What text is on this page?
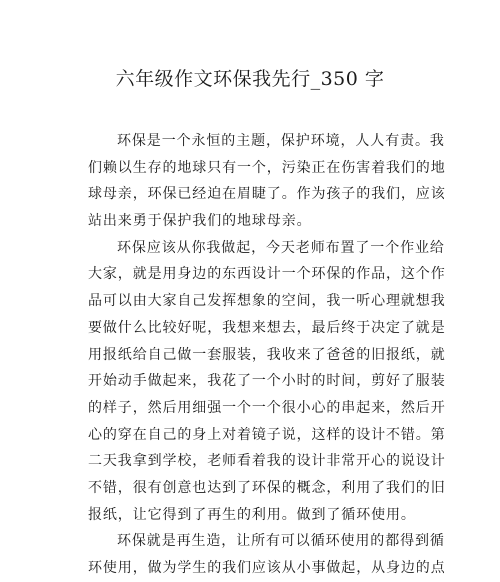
六年级作文环保我先行_350 字
环保是一个永恒的主题，保护环境，人人有责。我
们赖以生存的地球只有一个，污染正在伤害着我们的地
球母亲，环保已经迫在眉睫了。作为孩子的我们，应该
站出来勇于保护我们的地球母亲。
环保应该从你我做起，今天老师布置了一个作业给
大家，就是用身边的东西设计一个环保的作品，这个作
品可以由大家自己发挥想象的空间，我一听心理就想我
要做什么比较好呢，我想来想去，最后终于决定了就是
用报纸给自己做一套服装，我收来了爸爸的旧报纸，就
开始动手做起来，我花了一个小时的时间，剪好了服装
的样子，然后用细强一个一个很小心的串起来，然后开
心的穿在自己的身上对着镜子说，这样的设计不错。第
二天我拿到学校，老师看着我的设计非常开心的说设计
不错，很有创意也达到了环保的概念，利用了我们的旧
报纸，让它得到了再生的利用。做到了循环使用。
环保就是再生造，让所有可以循环使用的都得到循
环使用，做为学生的我们应该从小事做起，从身边的点
